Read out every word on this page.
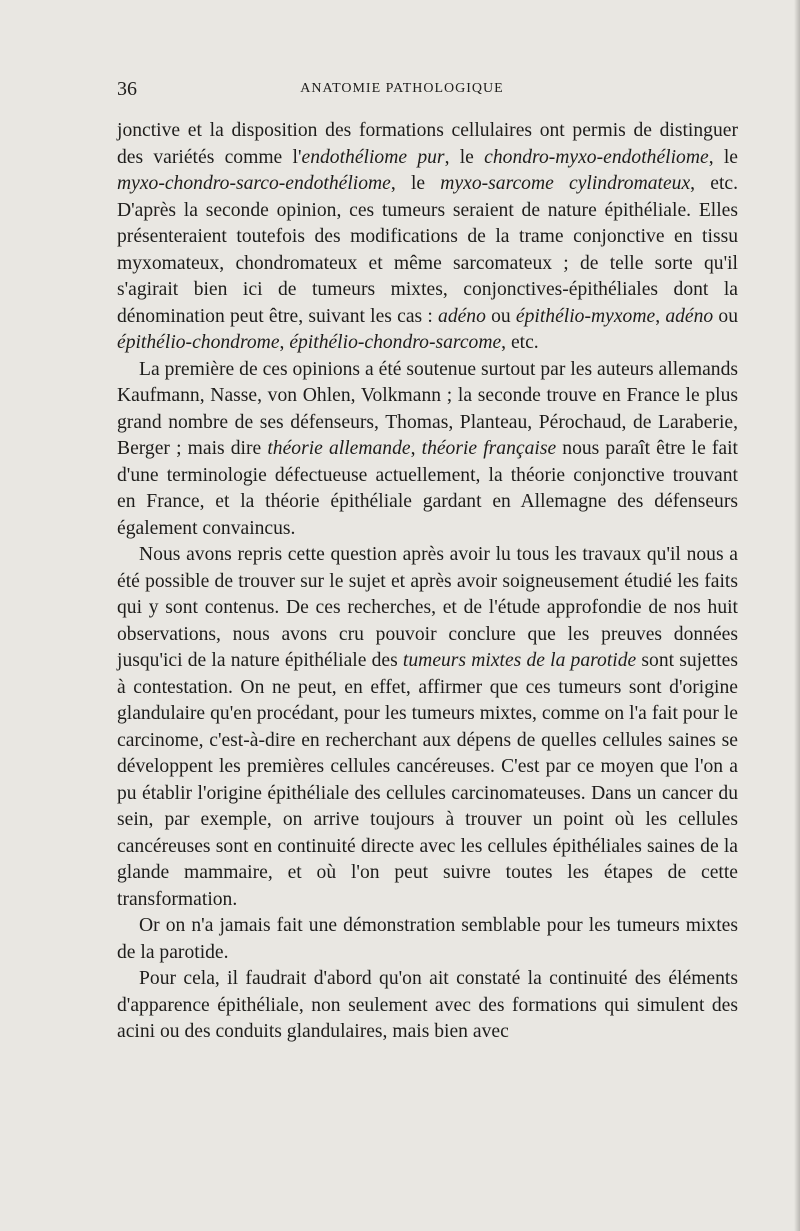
36	ANATOMIE PATHOLOGIQUE

jonctive et la disposition des formations cellulaires ont permis de distinguer des variétés comme l'endothéliome pur, le chondro-myxo-endothéliome, le myxo-chondro-sarco-endothéliome, le myxo-sarcome cylindromateux, etc. D'après la seconde opinion, ces tumeurs seraient de nature épithéliale. Elles présenteraient toutefois des modifications de la trame conjonctive en tissu myxomateux, chondromateux et même sarcomateux ; de telle sorte qu'il s'agirait bien ici de tumeurs mixtes, conjonctives-épithéliales dont la dénomination peut être, suivant les cas : adéno ou épithélio-myxome, adéno ou épithélio-chondrome, épithélio-chondro-sarcome, etc.

La première de ces opinions a été soutenue surtout par les auteurs allemands Kaufmann, Nasse, von Ohlen, Volkmann ; la seconde trouve en France le plus grand nombre de ses défenseurs, Thomas, Planteau, Pérochaud, de Laraberie, Berger ; mais dire théorie allemande, théorie française nous paraît être le fait d'une terminologie défectueuse actuellement, la théorie conjonctive trouvant en France, et la théorie épithéliale gardant en Allemagne des défenseurs également convaincus.

Nous avons repris cette question après avoir lu tous les travaux qu'il nous a été possible de trouver sur le sujet et après avoir soigneusement étudié les faits qui y sont contenus. De ces recherches, et de l'étude approfondie de nos huit observations, nous avons cru pouvoir conclure que les preuves données jusqu'ici de la nature épithéliale des tumeurs mixtes de la parotide sont sujettes à contestation. On ne peut, en effet, affirmer que ces tumeurs sont d'origine glandulaire qu'en procédant, pour les tumeurs mixtes, comme on l'a fait pour le carcinome, c'est-à-dire en recherchant aux dépens de quelles cellules saines se développent les premières cellules cancéreuses. C'est par ce moyen que l'on a pu établir l'origine épithéliale des cellules carcinomateuses. Dans un cancer du sein, par exemple, on arrive toujours à trouver un point où les cellules cancéreuses sont en continuité directe avec les cellules épithéliales saines de la glande mammaire, et où l'on peut suivre toutes les étapes de cette transformation.

Or on n'a jamais fait une démonstration semblable pour les tumeurs mixtes de la parotide.

Pour cela, il faudrait d'abord qu'on ait constaté la continuité des éléments d'apparence épithéliale, non seulement avec des formations qui simulent des acini ou des conduits glandulaires, mais bien avec
